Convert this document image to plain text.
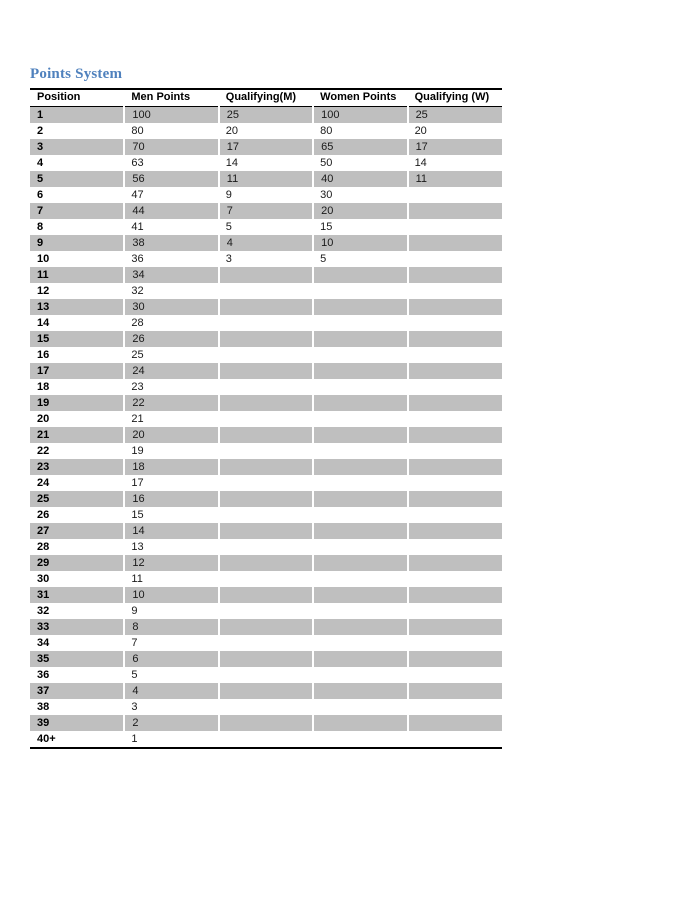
Points System
Position	Men Points	Qualifying(M)	Women Points	Qualifying (W)
1	100	25	100	25
2	80	20	80	20
3	70	17	65	17
4	63	14	50	14
5	56	11	40	11
6	47	9	30	
7	44	7	20	
8	41	5	15	
9	38	4	10	
10	36	3	5	
11	34			
12	32			
13	30			
14	28			
15	26			
16	25			
17	24			
18	23			
19	22			
20	21			
21	20			
22	19			
23	18			
24	17			
25	16			
26	15			
27	14			
28	13			
29	12			
30	11			
31	10			
32	9			
33	8			
34	7			
35	6			
36	5			
37	4			
38	3			
39	2			
40+	1			
